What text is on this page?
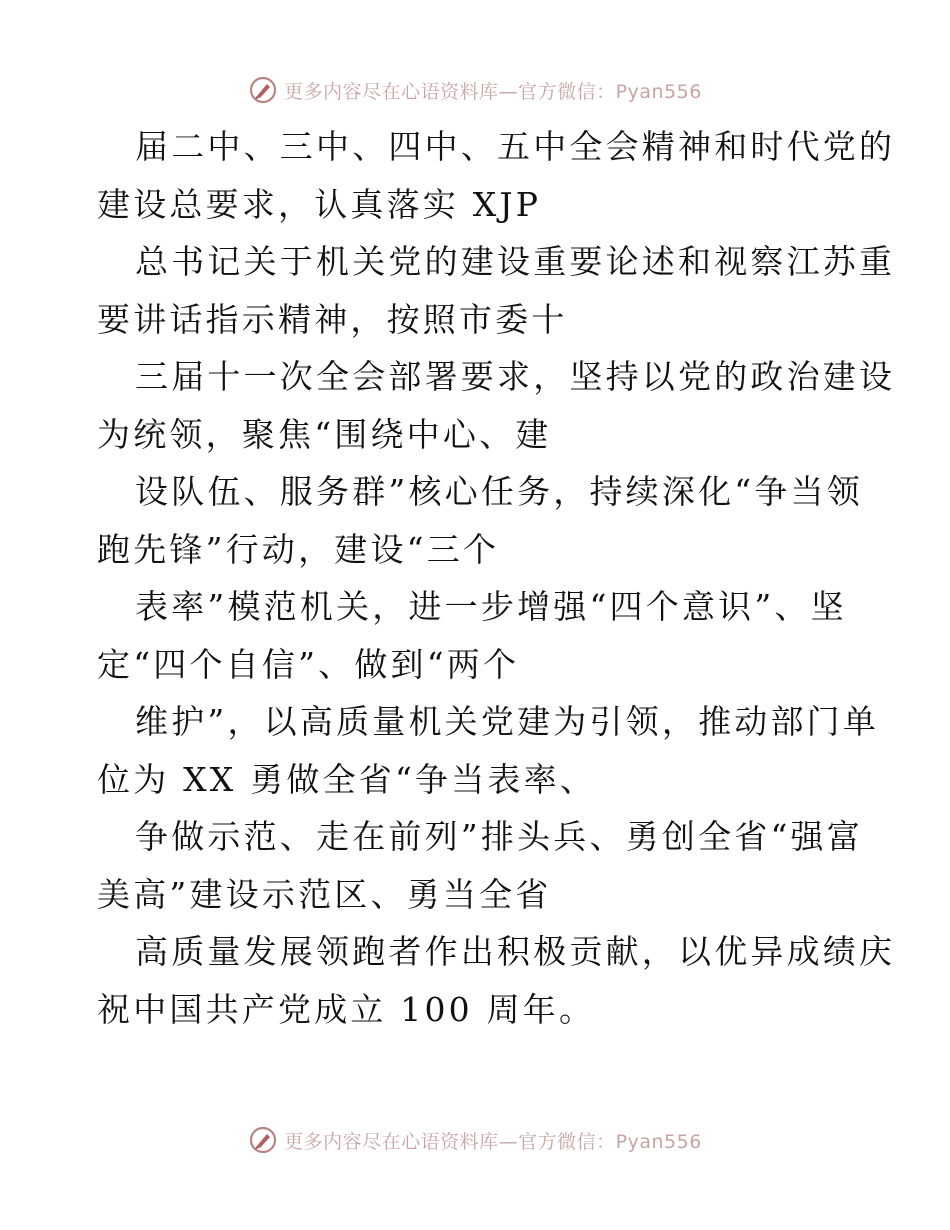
更多内容尽在心语资料库—官方微信：Pyan556
届二中、三中、四中、五中全会精神和时代党的
建设总要求，认真落实 XJP
总书记关于机关党的建设重要论述和视察江苏重
要讲话指示精神，按照市委十
三届十一次全会部署要求，坚持以党的政治建设
为统领，聚焦“围绕中心、建
设队伍、服务群”核心任务，持续深化“争当领
跑先锋”行动，建设“三个
表率”模范机关，进一步增强“四个意识”、坚
定“四个自信”、做到“两个
维护”，以高质量机关党建为引领，推动部门单
位为 XX 勇做全省“争当表率、
争做示范、走在前列”排头兵、勇创全省“强富
美高”建设示范区、勇当全省
高质量发展领跑者作出积极贡献，以优异成绩庆
祝中国共产党成立 100 周年。
更多内容尽在心语资料库—官方微信：Pyan556
